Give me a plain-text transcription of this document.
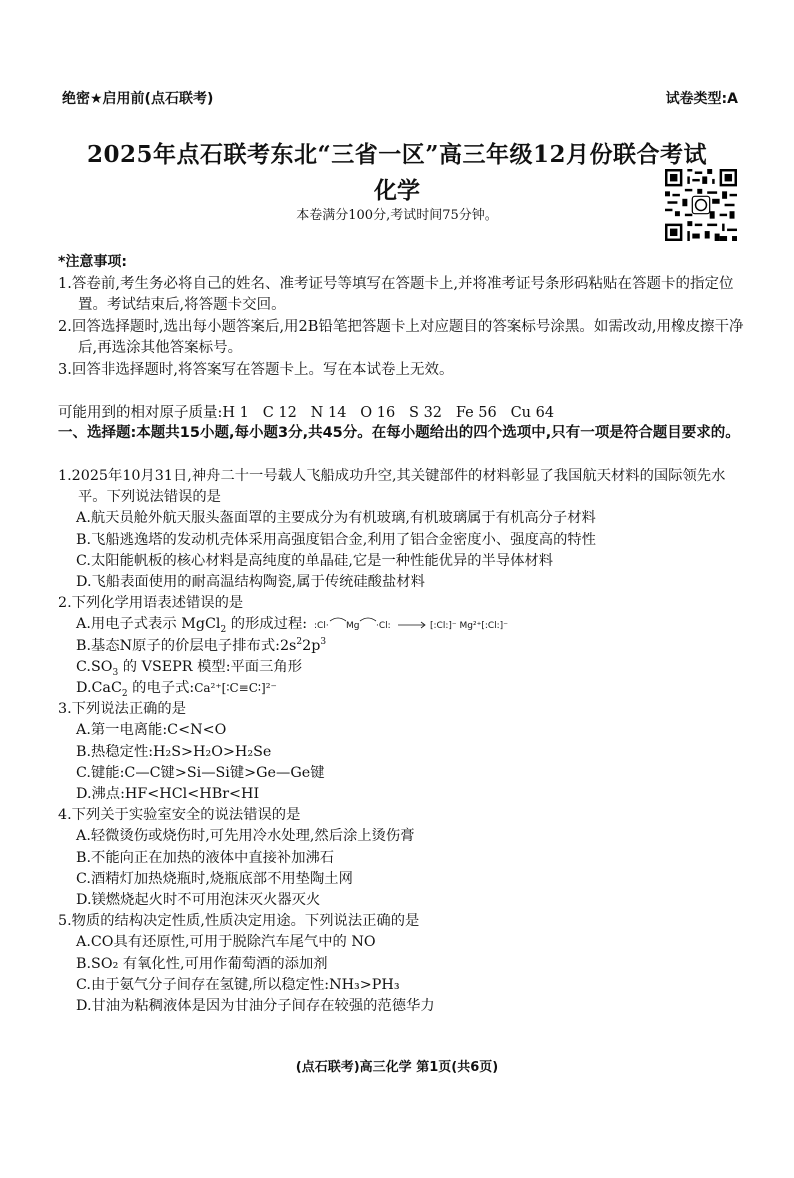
绝密★启用前(点石联考)	试卷类型:A
2025年点石联考东北“三省一区”高三年级12月份联合考试
化学
本卷满分100分,考试时间75分钟。
*注意事项:
1.答卷前,考生务必将自己的姓名、准考证号等填写在答题卡上,并将准考证号条形码粘贴在答题卡的指定位置。考试结束后,将答题卡交回。
2.回答选择题时,选出每小题答案后,用2B铅笔把答题卡上对应题目的答案标号涂黑。如需改动,用橡皮擦干净后,再选涂其他答案标号。
3.回答非选择题时,将答案写在答题卡上。写在本试卷上无效。
可能用到的相对原子质量:H 1   C 12   N 14   O 16   S 32   Fe 56   Cu 64
一、选择题:本题共15小题,每小题3分,共45分。在每小题给出的四个选项中,只有一项是符合题目要求的。
1.2025年10月31日,神舟二十一号载人飞船成功升空,其关键部件的材料彰显了我国航天材料的国际领先水平。下列说法错误的是
A.航天员舱外航天服头盔面罩的主要成分为有机玻璃,有机玻璃属于有机高分子材料
B.飞船逃逸塔的发动机壳体采用高强度铝合金,利用了铝合金密度小、强度高的特性
C.太阳能帆板的核心材料是高纯度的单晶硅,它是一种性能优异的半导体材料
D.飞船表面使用的耐高温结构陶瓷,属于传统硅酸盐材料
2.下列化学用语表述错误的是
A.用电子式表示 MgCl$_2$ 的形成过程: :Cl· Mg ·Cl:	[:Cl:]⁻ Mg²⁺[:Cl:]⁻
B.基态N原子的价层电子排布式$:2s^22p^3$
$C.SO_3$ 的 VSEPR 模型:平面三角形
D.CaC$_2$ 的电子式:Ca²⁺[∶C≡C∶]²⁻
3.下列说法正确的是
A.第一电离能:C<N<O
B.热稳定性:H₂S>H₂O>H₂Se
C.键能:C—C键>Si—Si键>Ge—Ge键
D.沸点:HF<HCl<HBr<HI
4.下列关于实验室安全的说法错误的是
A.轻微烫伤或烧伤时,可先用冷水处理,然后涂上烫伤膏
B.不能向正在加热的液体中直接补加沸石
C.酒精灯加热烧瓶时,烧瓶底部不用垫陶土网
D.镁燃烧起火时不可用泡沫灭火器灭火
5.物质的结构决定性质,性质决定用途。下列说法正确的是
A.CO具有还原性,可用于脱除汽车尾气中的 NO
B.SO₂ 有氧化性,可用作葡萄酒的添加剂
C.由于氨气分子间存在氢键,所以稳定性:NH₃>PH₃
D.甘油为粘稠液体是因为甘油分子间存在较强的范德华力
(点石联考)高三化学 第1页(共6页)
